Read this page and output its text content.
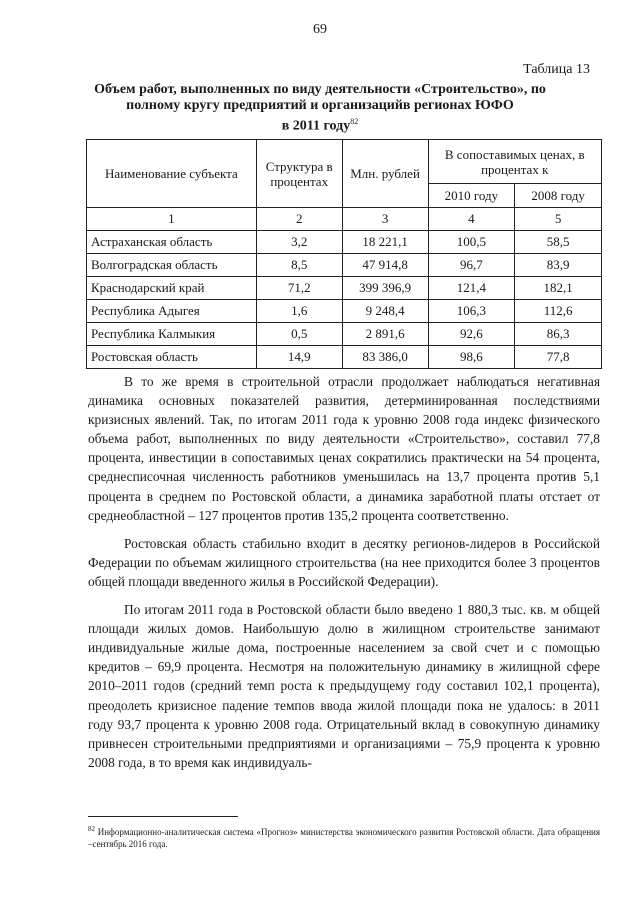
69
Таблица 13
Объем работ, выполненных по виду деятельности «Строительство», по
полному кругу предприятий и организацийв регионах ЮФО
в 2011 году$^{82}$
Наименование субъекта	Структура в процентах	Млн. рублей	В сопоставимых ценах, в процентах к	
			2010 году	2008 году
1	2	3	4	5
Астраханская область	3,2	18 221,1	100,5	58,5
Волгоградская область	8,5	47 914,8	96,7	83,9
Краснодарский край	71,2	399 396,9	121,4	182,1
Республика Адыгея	1,6	9 248,4	106,3	112,6
Республика Калмыкия	0,5	2 891,6	92,6	86,3
Ростовская область	14,9	83 386,0	98,6	77,8

В то же время в строительной отрасли продолжает наблюдаться негативная динамика основных показателей развития, детерминированная последствиями кризисных явлений. Так, по итогам 2011 года к уровню 2008 года индекс физического объема работ, выполненных по виду деятельности «Строительство», составил 77,8 процента, инвестиции в сопоставимых ценах сократились практически на 54 процента, среднесписочная численность работников уменьшилась на 13,7 процента против 5,1 процента в среднем по Ростовской области, а динамика заработной платы отстает от среднеобластной – 127 процентов против 135,2 процента соответственно.

Ростовская область стабильно входит в десятку регионов-лидеров в Российской Федерации по объемам жилищного строительства (на нее приходится более 3 процентов общей площади введенного жилья в Российской Федерации).

По итогам 2011 года в Ростовской области было введено 1 880,3 тыс. кв. м общей площади жилых домов. Наибольшую долю в жилищном строительстве занимают индивидуальные жилые дома, построенные населением за свой счет и с помощью кредитов – 69,9 процента. Несмотря на положительную динамику в жилищной сфере 2010–2011 годов (средний темп роста к предыдущему году составил 102,1 процента), преодолеть кризисное падение темпов ввода жилой площади пока не удалось: в 2011 году 93,7 процента к уровню 2008 года. Отрицательный вклад в совокупную динамику привнесен строительными предприятиями и организациями – 75,9 процента к уровню 2008 года, в то время как индивидуаль-

$^{82}$ Информационно-аналитическая система «Прогноз» министерства экономического развития Ростовской области. Дата обращения –сентябрь 2016 года.
